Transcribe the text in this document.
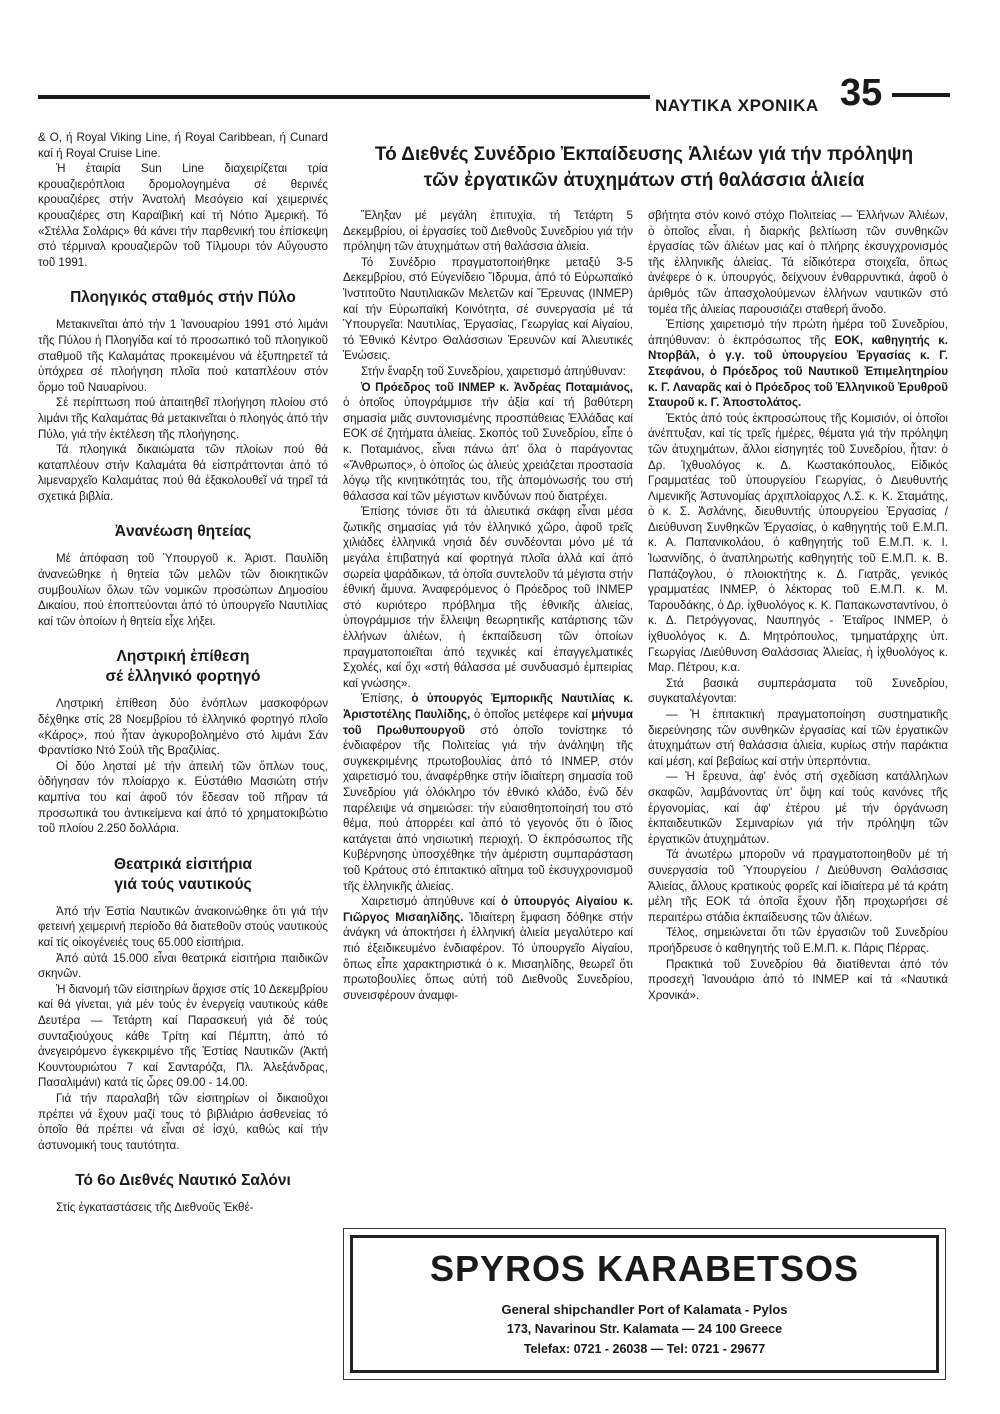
ΝΑΥΤΙΚΑ ΧΡΟΝΙΚΑ 35

& Ο, ή Royal Viking Line, ή Royal Caribbean, ή Cunard καί ή Royal Cruise Line.

Ἡ ἑταιρία Sun Line διαχειρίζεται τρία κρουαζιερόπλοια δρομολογημένα σέ θερινές κρουαζιέρες στήν Ἀνατολή Μεσόγειο καί χειμερινές κρουαζιέρες στη Καραϊβική καί τή Νότιο Ἀμερική. Τό «Στέλλα Σολάρις» θά κάνει τήν παρθενική του ἐπίσκεψη στό τέρμιναλ κρουαζιερῶν τοῦ Τίλμουρι τόν Αὔγουστο τοῦ 1991.

Πλοηγικός σταθμός στήν Πύλο

Μετακινεῖται ἀπό τήν 1 Ἰανουαρίου 1991 στό λιμάνι τῆς Πύλου ἡ Πλοηγίδα καί τό προσωπικό τοῦ πλοηγικοῦ σταθμοῦ τῆς Καλαμάτας προκειμένου νά ἐξυπηρετεῖ τά ὑπόχρεα σέ πλοήγηση πλοῖα πού καταπλέουν στόν ὅρμο τοῦ Ναυαρίνου.

Σέ περίπτωση πού ἀπαιτηθεῖ πλοήγηση πλοίου στό λιμάνι τῆς Καλαμάτας θά μετακινεῖται ὁ πλοηγός ἀπό τήν Πύλο, γιά τήν ἐκτέλεση τῆς πλοήγησης.

Τά πλοηγικά δικαιώματα τῶν πλοίων πού θά καταπλέουν στήν Καλαμάτα θά εἰσπράττονται ἀπό τό λιμεναρχεῖο Καλαμάτας πού θά ἐξακολουθεῖ νά τηρεῖ τά σχετικά βιβλία.

Ἀνανέωση θητείας

Μέ ἀπόφαση τοῦ Ὑπουργοῦ κ. Ἀριστ. Παυλίδη ἀνανεώθηκε ἡ θητεία τῶν μελῶν τῶν διοικητικῶν συμβουλίων ὅλων τῶν νομικῶν προσώπων Δημοσίου Δικαίου, πού ἐποπτεύονται ἀπό τό ὑπουργεῖο Ναυτιλίας καί τῶν ὁποίων ἡ θητεία εἶχε λήξει.

Ληστρική ἐπίθεση
σέ ἑλληνικό φορτηγό

Ληστρική ἐπίθεση δύο ἐνόπλων μασκοφόρων δέχθηκε στίς 28 Νοεμβρίου τό ἑλληνικό φορτηγό πλοῖο «Κάρος», πού ἦταν ἀγκυροβολημένο στό λιμάνι Σάν Φραντίσκο Ντό Σούλ τῆς Βραζιλίας.

Οἱ δύο λησταί μέ τήν ἀπειλή τῶν ὅπλων τους, ὁδήγησαν τόν πλοίαρχο κ. Εὐστάθιο Μασιώτη στήν καμπίνα του καί ἀφοῦ τόν ἔδεσαν τοῦ πῆραν τά προσωπικά του ἀντικείμενα καί ἀπό τό χρηματοκιβώτιο τοῦ πλοίου 2.250 δολλάρια.

Θεατρικά εἰσιτήρια
γιά τούς ναυτικούς

Ἀπό τήν Ἑστία Ναυτικῶν ἀνακοινώθηκε ὅτι γιά τήν φετεινή χειμερινή περίοδο θά διατεθοῦν στούς ναυτικούς καί τίς οἰκογένειές τους 65.000 εἰσιτήρια.

Ἀπό αὐτά 15.000 εἶναι θεατρικά εἰσιτήρια παιδικῶν σκηνῶν.

Ἡ διανομή τῶν εἰσιτηρίων ἄρχισε στίς 10 Δεκεμβρίου καί θά γίνεται, γιά μέν τούς ἐν ἐνεργείᾳ ναυτικούς κάθε Δευτέρα — Τετάρτη καί Παρασκευή γιά δέ τούς συνταξιούχους κάθε Τρίτη καί Πέμπτη, ἀπό τό ἀνεγειρόμενο ἐγκεκριμένο τῆς Ἑστίας Ναυτικῶν (Ἀκτή Κουντουριώτου 7 καί Σανταρόζα, Πλ. Ἀλεξάνδρας, Πασαλιμάνι) κατά τίς ὧρες 09.00 - 14.00.

Γιά τήν παραλαβή τῶν εἰσιτηρίων οἱ δικαιοῦχοι πρέπει νά ἔχουν μαζί τους τό βιβλιάριο ἀσθενείας τό ὁποῖο θά πρέπει νά εἶναι σέ ἰσχύ, καθώς καί τήν ἀστυνομική τους ταυτότητα.

Τό 6ο Διεθνές Ναυτικό Σαλόνι

Στίς ἐγκαταστάσεις τῆς Διεθνοῦς Ἐκθέ-

Τό Διεθνές Συνέδριο Ἐκπαίδευσης Ἁλιέων γιά τήν πρόληψη
τῶν ἐργατικῶν ἀτυχημάτων στή θαλάσσια ἁλιεία

Ἔληξαν μέ μεγάλη ἐπιτυχία, τή Τετάρτη 5 Δεκεμβρίου, οἱ ἐργασίες τοῦ Διεθνοῦς Συνεδρίου γιά τήν πρόληψη τῶν ἀτυχημάτων στή θαλάσσια ἁλιεία.

Τό Συνέδριο πραγματοποιήθηκε μεταξύ 3-5 Δεκεμβρίου, στό Εὐγενίδειο Ἵδρυμα, ἀπό τό Εὐρωπαϊκό Ἰνστιτοῦτο Ναυτιλιακῶν Μελετῶν καί Ἔρευνας (INMEP) καί τήν Εὐρωπαϊκή Κοινότητα, σέ συνεργασία μέ τά Ὑπουργεῖα: Ναυτιλίας, Ἐργασίας, Γεωργίας καί Αἰγαίου, τό Ἐθνικό Κέντρο Θαλάσσιων Ἐρευνῶν καί Ἁλιευτικές Ἑνώσεις.

Στήν ἔναρξη τοῦ Συνεδρίου, χαιρετισμό ἀπηύθυναν:

Ὁ Πρόεδρος τοῦ INMEP κ. Ἀνδρέας Ποταμιάνος, ὁ ὁποῖος ὑπογράμμισε τήν ἀξία καί τή βαθύτερη σημασία μιᾶς συντονισμένης προσπάθειας Ἑλλάδας καί ΕΟΚ σέ ζητήματα ἁλιείας. Σκοπός τοῦ Συνεδρίου, εἶπε ὁ κ. Ποταμιάνος, εἶναι πάνω ἀπ' ὅλα ὁ παράγοντας «Ἄνθρωπος», ὁ ὁποῖος ὡς ἁλιεύς χρειάζεται προστασία λόγῳ τῆς κινητικότητάς του, τῆς ἀπομόνωσής του στή θάλασσα καί τῶν μέγιστων κινδύνων πού διατρέχει.

Ἐπίσης τόνισε ὅτι τά ἁλιευτικά σκάφη εἶναι μέσα ζωτικῆς σημασίας γιά τόν ἑλληνικό χῶρο, ἀφοῦ τρεῖς χιλιάδες ἑλληνικά νησιά δέν συνδέονται μόνο μέ τά μεγάλα ἐπιβατηγά καί φορτηγά πλοῖα ἀλλά καί ἀπό σωρεία ψαράδικων, τά ὁποῖα συντελοῦν τά μέγιστα στήν ἐθνική ἄμυνα. Ἀναφερόμενος ὁ Πρόεδρος τοῦ INMEP στό κυριότερο πρόβλημα τῆς ἐθνικῆς ἁλιείας, ὑπογράμμισε τήν ἔλλειψη θεωρητικῆς κατάρτισης τῶν ἑλλήνων ἁλιέων, ἡ ἐκπαίδευση τῶν ὁποίων πραγματοποιεῖται ἀπό τεχνικές καί ἐπαγγελματικές Σχολές, καί ὄχι «στή θάλασσα μέ συνδυασμό ἐμπειρίας καί γνώσης».

Ἐπίσης, ὁ ὑπουργός Ἐμπορικῆς Ναυτιλίας κ. Ἀριστοτέλης Παυλίδης, ὁ ὁποῖος μετέφερε καί μήνυμα τοῦ Πρωθυπουργοῦ στό ὁποῖο τονίστηκε τό ἐνδιαφέρον τῆς Πολιτείας γιά τήν ἀνάληψη τῆς συγκεκριμένης πρωτοβουλίας ἀπό τό INMEP, στόν χαιρετισμό του, ἀναφέρθηκε στήν ἰδιαίτερη σημασία τοῦ Συνεδρίου γιά ὁλόκληρο τόν ἐθνικό κλάδο, ἐνῶ δέν παρέλειψε νά σημειώσει: τήν εὐαισθητοποίησή του στό θέμα, πού ἀπορρέει καί ἀπό τό γεγονός ὅτι ὁ ἴδιος κατάγεται ἀπό νησιωτική περιοχή. Ὁ ἐκπρόσωπος τῆς Κυβέρνησης ὑποσχέθηκε τήν ἀμέριστη συμπαράσταση τοῦ Κράτους στό ἐπιτακτικό αἴτημα τοῦ ἐκσυγχρονισμοῦ τῆς ἑλληνικῆς ἁλιείας.

Χαιρετισμό ἀπηύθυνε καί ὁ ὑπουργός Αἰγαίου κ. Γιῶργος Μισαηλίδης. Ἰδιαίτερη ἔμφαση δόθηκε στήν ἀνάγκη νά ἀποκτήσει ἡ ἑλληνική ἁλιεία μεγαλύτερο καί πιό ἐξειδικευμένο ἐνδιαφέρον. Τό ὑπουργεῖο Αἰγαίου, ὅπως εἶπε χαρακτηριστικά ὁ κ. Μισαηλίδης, θεωρεῖ ὅτι πρωτοβουλίες ὅπως αὐτή τοῦ Διεθνοῦς Συνεδρίου, συνεισφέρουν ἀναμφι-

σβήτητα στόν κοινό στόχο Πολιτείας — Ἑλλήνων Ἁλιέων, ὁ ὁποῖος εἶναι, ἡ διαρκής βελτίωση τῶν συνθηκῶν ἐργασίας τῶν ἁλιέων μας καί ὁ πλήρης ἐκσυγχρονισμός τῆς ἑλληνικῆς ἁλιείας. Τά εἰδικότερα στοιχεῖα, ὅπως ἀνέφερε ὁ κ. ὑπουργός, δείχνουν ἐνθαρρυντικά, ἀφοῦ ὁ ἀριθμός τῶν ἀπασχολούμενων ἑλλήνων ναυτικῶν στό τομέα τῆς ἁλιείας παρουσιάζει σταθερή ἄνοδο.

Ἐπίσης χαιρετισμό τήν πρώτη ἡμέρα τοῦ Συνεδρίου, ἀπηύθυναν: ὁ ἐκπρόσωπος τῆς ΕΟΚ, καθηγητής κ. Ντορβάλ, ὁ γ.γ. τοῦ ὑπουργείου Ἐργασίας κ. Γ. Στεφάνου, ὁ Πρόεδρος τοῦ Ναυτικοῦ Ἐπιμελητηρίου κ. Γ. Λαναρᾶς καί ὁ Πρόεδρος τοῦ Ἑλληνικοῦ Ἐρυθροῦ Σταυροῦ κ. Γ. Ἀποστολάτος.

Ἐκτός ἀπό τούς ἐκπροσώπους τῆς Κομισιόν, οἱ ὁποῖοι ἀνέπτυξαν, καί τίς τρεῖς ἡμέρες, θέματα γιά τήν πρόληψη τῶν ἀτυχημάτων, ἄλλοι εἰσηγητές τοῦ Συνεδρίου, ἦταν: ὁ Δρ. Ἰχθυολόγος κ. Δ. Κωστακόπουλος, Εἰδικός Γραμματέας τοῦ ὑπουργείου Γεωργίας, ὁ Διευθυντής Λιμενικῆς Ἀστυνομίας ἀρχιπλοίαρχος Λ.Σ. κ. Κ. Σταμάτης, ὁ κ. Σ. Ἀσλάνης, διευθυντής ὑπουργείου Ἐργασίας / Διεύθυνση Συνθηκῶν Ἐργασίας, ὁ καθηγητής τοῦ Ε.Μ.Π. κ. Α. Παπανικολάου, ὁ καθηγητής τοῦ Ε.Μ.Π. κ. Ι. Ἰωαννίδης, ὁ ἀναπληρωτής καθηγητής τοῦ Ε.Μ.Π. κ. Β. Παπάζογλου, ὁ πλοιοκτήτης κ. Δ. Γιατρᾶς, γενικός γραμματέας INMEP, ὁ λέκτορας τοῦ Ε.Μ.Π. κ. Μ. Ταρουδάκης, ὁ Δρ. ἰχθυολόγος κ. Κ. Παπακωνσταντίνου, ὁ κ. Δ. Πετρόγγονας, Ναυπηγός - Ἑταῖρος INMEP, ὁ ἰχθυολόγος κ. Δ. Μητρόπουλος, τμηματάρχης ὑπ. Γεωργίας /Διεύθυνση Θαλάσσιας Ἁλιείας, ἡ ἰχθυολόγος κ. Μαρ. Πέτρου, κ.α.

Στά βασικά συμπεράσματα τοῦ Συνεδρίου, συγκαταλέγονται:

— Ἡ ἐπιτακτική πραγματοποίηση συστηματικῆς διερεύνησης τῶν συνθηκῶν ἐργασίας καί τῶν ἐργατικῶν ἀτυχημάτων στή θαλάσσια ἁλιεία, κυρίως στήν παράκτια καί μέση, καί βεβαίως καί στήν ὑπερπόντια.

— Ἡ ἔρευνα, ἀφ' ἑνός στή σχεδίαση κατάλληλων σκαφῶν, λαμβάνοντας ὑπ' ὄψη καί τούς κανόνες τῆς ἐργονομίας, καί ἀφ' ἑτέρου μέ τήν ὀργάνωση ἐκπαιδευτικῶν Σεμιναρίων γιά τήν πρόληψη τῶν ἐργατικῶν ἀτυχημάτων.

Τά ἀνωτέρω μποροῦν νά πραγματοποιηθοῦν μέ τή συνεργασία τοῦ Ὑπουργείου / Διεύθυνση Θαλάσσιας Ἁλιείας, ἄλλους κρατικούς φορεῖς καί ἰδιαίτερα μέ τά κράτη μέλη τῆς ΕΟΚ τά ὁποῖα ἔχουν ἤδη προχωρήσει σέ περαιτέρω στάδια ἐκπαίδευσης τῶν ἁλιέων.

Τέλος, σημειώνεται ὅτι τῶν ἐργασιῶν τοῦ Συνεδρίου προήδρευσε ὁ καθηγητής τοῦ Ε.Μ.Π. κ. Πάρις Πέρρας.

Πρακτικά τοῦ Συνεδρίου θά διατίθενται ἀπό τόν προσεχή Ἰανουάριο ἀπό τό INMEP καί τά «Ναυτικά Χρονικά».

SPYROS KARABETSOS
General shipchandler Port of Kalamata - Pylos
173, Navarinou Str. Kalamata — 24 100 Greece
Telefax: 0721 - 26038 — Tel: 0721 - 29677
